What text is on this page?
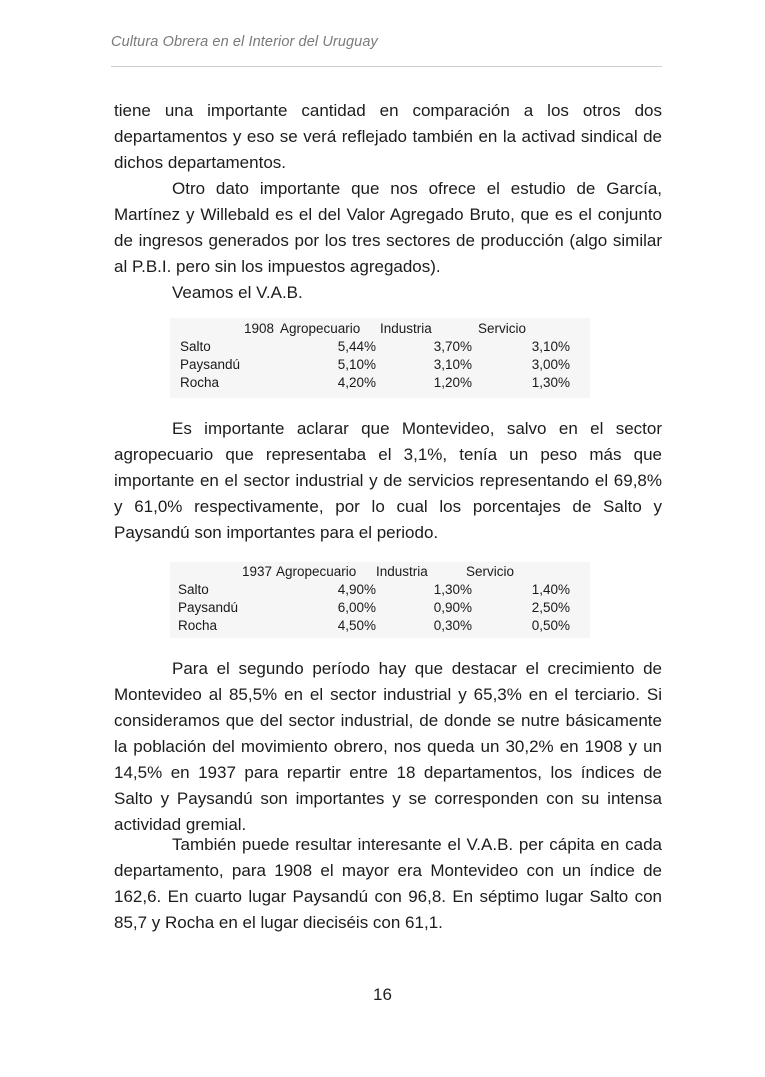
Cultura Obrera en el Interior del Uruguay

tiene una importante cantidad en comparación a los otros dos departamentos y eso se verá reflejado también en la activad sindical de dichos departamentos.

Otro dato importante que nos ofrece el estudio de García, Martínez y Willebald es el del Valor Agregado Bruto, que es el conjunto de ingresos generados por los tres sectores de producción (algo similar al P.B.I. pero sin los impuestos agregados).

Veamos el V.A.B.

1908 Agropecuario Industria	Servicio
Salto	5,44%	3,70%	3,10%
Paysandú	5,10%	3,10%	3,00%
Rocha	4,20%	1,20%	1,30%

Es importante aclarar que Montevideo, salvo en el sector agropecuario que representaba el 3,1%, tenía un peso más que importante en el sector industrial y de servicios representando el 69,8% y 61,0% respectivamente, por lo cual los porcentajes de Salto y Paysandú son importantes para el periodo.

1937 Agropecuario Industria	Servicio
Salto	4,90%	1,30%	1,40%
Paysandú	6,00%	0,90%	2,50%
Rocha	4,50%	0,30%	0,50%

Para el segundo período hay que destacar el crecimiento de Montevideo al 85,5% en el sector industrial y 65,3% en el terciario. Si consideramos que del sector industrial, de donde se nutre básicamente la población del movimiento obrero, nos queda un 30,2% en 1908 y un 14,5% en 1937 para repartir entre 18 departamentos, los índices de Salto y Paysandú son importantes y se corresponden con su intensa actividad gremial.

También puede resultar interesante el V.A.B. per cápita en cada departamento, para 1908 el mayor era Montevideo con un índice de 162,6. En cuarto lugar Paysandú con 96,8. En séptimo lugar Salto con 85,7 y Rocha en el lugar dieciséis con 61,1.

16
